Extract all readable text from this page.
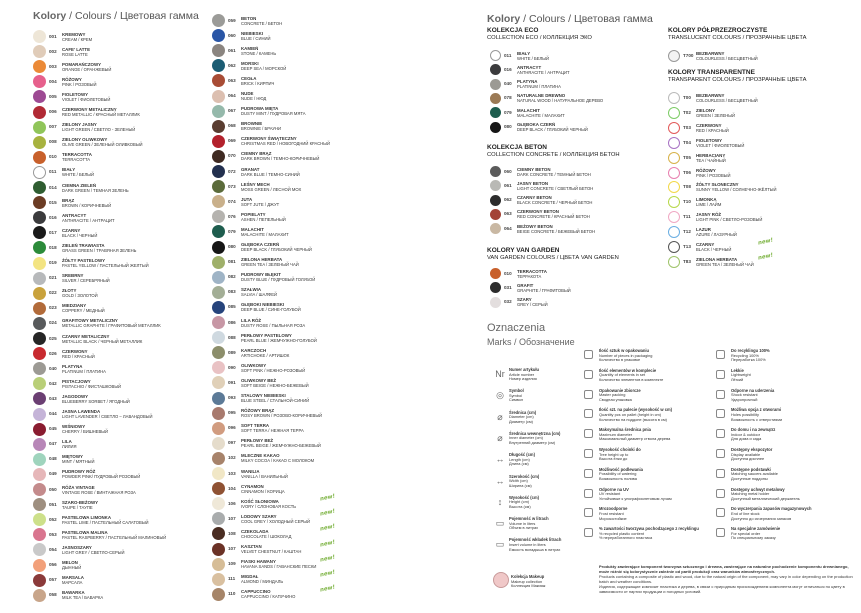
Kolory / Colours / Цветовая гамма	Kolory / Colours / Цветовая гамма
001 KREMOWY
CREAM / КРЕМ
002 CAFE' LATTE
ROSE LATTE
003 POMARAŃCZOWY
ORANGE / ОРАНЖЕВЫЙ
004 RÓŻOWY
PINK / РОЗОВЫЙ
005 FIOLETOWY
VIOLET / ФИОЛЕТОВЫЙ
006 CZERWONY METALICZNY
RED METALLIC / КРАСНЫЙ МЕТАЛЛИК
007 ZIELONY JASNY
LIGHT GREEN / СВЕТЛО - ЗЕЛЕНЫЙ
008 ZIELONY OLIWKOWY
OLIVE GREEN / ЗЕЛЕНЫЙ ОЛИВКОВЫЙ
010 TERRACOTTA
TERRACOTTA
011 BIAŁY
WHITE / БЕЛЫЙ
014 CIEMNA ZIELEŃ
DARK GREEN / ТЕМНАЯ ЗЕЛЕНЬ
015 BRĄZ
BROWN / КОРИЧНЕВЫЙ
016 ANTRACYT
ANTHRACITE / АНТРАЦИТ
017 CZARNY
BLACK / ЧЕРНЫЙ
018 ZIELEŃ TRAWIASTA
GRASS GREEN / ТРАВЯНАЯ ЗЕЛЕНЬ
019 ŻÓŁTY PASTELOWY
PASTEL YELLOW / ПАСТЕЛЬНЫЙ ЖЕЛТЫЙ
021 SREBRNY
SILVER / СЕРЕБРЯНЫЙ
022 ZŁOTY
GOLD / ЗОЛОТОЙ
023 MIEDZIANY
COPPERY / МЕДНЫЙ
024 GRAFITOWY METALICZNY
METALLIC GRAPHITE / ГРАФИТОВЫЙ МЕТАЛЛИК
025 CZARNY METALICZNY
METALLIC BLACK / ЧЕРНЫЙ МЕТАЛЛИК
026 CZERWONY
RED / КРАСНЫЙ
040 PLATYNA
PLATINUM / ПЛАТИНА
042 PISTACJOWY
PISTACHIO / ФИСТАШКОВЫЙ
043 JAGODOWY
BLUEBERRY SORBET / ЯГОДНЫЙ
044 JASNA LAWENDA
LIGHT LAVENDER / СВЕТЛО – ЛАВАНДОВЫЙ
045 WIŚNIOWY
CHERRY / ВИШНЕВЫЙ
047 LILA
ЛИЛИЯ
048 MIĘTOWY
MINT / МЯТНЫЙ
049 PUDROWY RÓŻ
POWDER PINK/ ПУДРОВЫЙ РОЗОВЫЙ
050 RÓŻA VINTAGE
VINTAGE ROSE / ВИНТАЖНАЯ РОЗА
051 SZARO-BEŻOWY
TAUPE / ТАУПЕ
052 PASTELOWA LIMONKA
PASTEL LIME / ПАСТЕЛЬНЫЙ САЛАТОВЫЙ
053 PASTELOWA MALINA
PASTEL RASPBERRY / ПАСТЕЛЬНЫЙ МАЛИНОВЫЙ
054 JASNOSZARY
LIGHT GREY / СВЕТЛО-СЕРЫЙ
056 MELON
ДЫННЫЙ
057 MARSALA
МАРСАЛА
058 BAWARKA
MILK TEA / БАВАРКА
059 BETON
CONCRETE / БЕТОН
060 NIEBIESKI
BLUE / СИНИЙ
061 KAMIEŃ
STONE / КАМЕНЬ
062 MORSKI
DEEP SEA / МОРСКОЙ
063 CEGŁA
BRICK / КИРПИЧ
064 NUDE
NUDE / НЮД
067 PUDROWA MIĘTA
DUSTY MINT / ПУДРОВАЯ МЯТА
068 BROWNIE
BROWNIE / БРАУНИ
069 CZERWONY ŚWIĄTECZNY
CHRISTMAS RED / НОВОГОДНИЙ КРАСНЫЙ
070 CIEMNY BRĄZ
DARK BROWN / ТЕМНО-КОРИЧНЕВЫЙ
072 GRANAT
DARK BLUE / ТЕМНО-СИНИЙ
073 LEŚNY MECH
MOSS GREEN / ЛЕСНОЙ МОХ
074 JUTA
SOFT JUTE / ДЖУТ
076 POPIELATY
ASHEN / ПЕПЕЛЬНЫЙ
079 MALACHIT
MALACHITE / МАЛАХИТ
080 GŁĘBOKA CZERŃ
DEEP BLACK / ГЛУБОКИЙ ЧЕРНЫЙ
081 ZIELONA HERBATA
GREEN TEA / ЗЕЛЕНЫЙ ЧАЙ
082 PUDROWY BŁĘKIT
DUSTY BLUE / ПУДРОВЫЙ ГОЛУБОЙ
083 SZAŁWIA
SALVIA / ШАЛФЕЙ
085 GŁĘBOKI NIEBIESKI
DEEP BLUE / СИНЕ-ГОЛУБОЙ
086 LILA RÓŻ
DUSTY ROSE / ПЫЛЬНАЯ РОЗА
088 PERŁOWY PASTELOWY
PEARL BLUE / ЖЕМЧУЖНО-ГОЛУБОЙ
089 KARCZOCH
ARTICHOKE / АРТИШОК
090 OLIWKOWY
SOFT PINK / НЕЖНО-РОЗОВЫЙ
091 OLIWKOWY BEŻ
SOFT BEIGE / НЕЖНО-БЕЖЕВЫЙ
093 STALOWY NIEBIESKI
BLUE STEEL / СТАЛЬНОЙ-СИНИЙ
095 RÓŻOWY BRĄZ
ROSY BROWN / РОЗОВО-КОРИЧНЕВЫЙ
096 SOFT TERRA
SOFT TERRA / НЕЖНАЯ ТЕРРА
097 PERŁOWY BEŻ
PEARL BEIGE / ЖЕМЧУЖНО-БЕЖЕВЫЙ
102 MLECZNE KAKAO
MILKY COCOA / КАКАО С МОЛОКОМ
103 WANILIA
VANILLA / ВАНИЛЬНЫЙ
104 CYNAMON
CINNAMON / КОРИЦА
106 KOŚĆ SŁONIOWA
IVORY / СЛОНОВАЯ КОСТЬ
new!
107 LODOWY SZARY
COOL GREY / ХОЛОДНЫЙ СЕРЫЙ
new!
108 CZEKOLADA
CHOCOLATE / ШОКОЛАД
new!
107 KASZTAN
VELVET CHESTNUT / КАШТАН
new!
109 FIASKI HAWANY
HAVANA SANDS / ГАВАНСКИЕ ПЕСКИ
new!
111 MIGDAŁ
ALMOND / МИНДАЛЬ
new!
110 CAPPUCCINO
CAPPUCCINO / КАПУЧИНО
new!
KOLEKCJA ECO
COLLECTION ECO / КОЛЛЕКЦИЯ ЭКО
011 BIAŁY
WHITE / БЕЛЫЙ
016 ANTRACYT
ANTHRACITE / АНТРАЦИТ
040 PLATYNA
PLATINUM / ПЛАТИНА
078 NATURALNE DREWNO
NATURAL WOOD / НАТУРАЛЬНОЕ ДЕРЕВО
079 MALACHIT
MALACHITE / МАЛАХИТ
080 GŁĘBOKA CZERŃ
DEEP BLACK / ГЛУБОКИЙ ЧЕРНЫЙ
KOLEKCJA BETON
COLLECTION CONCRETE / КОЛЛЕКЦИЯ БЕТОН
060 CIEMNY BETON
DARK CONCRETE / ТЕМНЫЙ БЕТОН
061 JASNY BETON
LIGHT CONCRETE / СВЕТЛЫЙ БЕТОН
062 CZARNY BETON
BLACK CONCRETE / ЧЕРНЫЙ БЕТОН
063 CZERWONY BETON
RED CONCRETE / КРАСНЫЙ БЕТОН
064 BEŻOWY BETON
BEIGE CONCRETE / БЕЖЕВЫЙ БЕТОН
KOLORY VAN GARDEN
VAN GARDEN COLOURS / ЦВЕТА VAN GARDEN
010 TERRACOTTA
ТЕРРАКОТА
031 GRAFIT
GRAPHITE / ГРАФИТОВЫЙ
032 SZARY
GREY / СЕРЫЙ
KOLORY PÓŁPRZEZROCZYSTE
TRANSLUCENT COLOURS / ПРОЗРАЧНЫЕ ЦВЕТА
T700 BEZBARWNY
COLOURLESS / БЕСЦВЕТНЫЙ
KOLORY TRANSPARENTNE
TRANSPARENT COLOURS / ПРОЗРАЧНЫЕ ЦВЕТА
T00 BEZBARWNY
COLOURLESS / БЕСЦВЕТНЫЙ
T02 ZIELONY
GREEN / ЗЕЛЕНЫЙ
T03 CZERWONY
RED / КРАСНЫЙ
T04 FIOLETOWY
VIOLET / ФИОЛЕТОВЫЙ
T05 HERBACIANY
TEA / ЧАЙНЫЙ
T06 RÓŻOWY
PINK / РОЗОВЫЙ
T08 ŻÓŁTY SŁONECZNY
SUNNY YELLOW / СОЛНЕЧНО-ЖЁЛТЫЙ
T10 LIMONKA
LIME / ЛАЙМ
T11 JASNY RÓŻ
LIGHT PINK / СВЕТЛО-РОЗОВЫЙ
T12 LAZUR
AZURE / ЛАЗУРНЫЙ
T13 CZARNY
BLACK / ЧЕРНЫЙ
new!
T83 ZIELONA HERBATA
GREEN TEA / ЗЕЛЕНЫЙ ЧАЙ
new!
Oznaczenia
Marks / Обозначение
Nr	Numer artykułu
Article number
Номер изделия
◎	Symbol
Symbol
Символ
⌀	Średnica (cm)
Diameter (cm)
Диаметр (см)
⌀	Średnica wewnętrzna (cm)
Inner diameter (cm)
Внутренний диаметр (см)
↔	Długość (cm)
Length (cm)
Длина (см)
↔	Szerokość (cm)
Width (cm)
Ширина (см)
↕	Wysokość (cm)
Height (cm)
Высота (см)
▭	Pojemność w litrach
Volume in liters
Объем в литрах
▭	Pojemność wkładek litrach
Insert volume in liters
Емкость вкладыша в литрах
Ilość sztuk w opakowaniu
Number of pieces in packaging
Количество в упаковке
Ilość elementów w komplecie
Quantity of elements in set
Количество элементов в комплекте
Opakowanie zbiorcze
Master packing
Сводная упаковка
Ilość szt. na palecie (wysokość w cm)
Quantity pcs on pallet (height in cm)
Количество на поддоне (высота в см)
Maksymalna średnica pnia
Maximum diameter
Максимальный диаметр ствола дерева
Wysokość choinki do
Tree height up to
Высота ёлки до
Możliwość podlewania
Possibility of watering
Возможность полива
Odporne na UV
UV resistant
Устойчивые к ультрафиолетовым лучам
Mrozoodporne
Frost resistant
Морозостойкие
% zawartości tworzywa pochodzącego z recyklingu
% recycled plastic content
% переработанного пластика
Do recyklingu 100%
Recycling 100%
Переработка 100%
Lekkie
Lightweight
Лёгкий
Odporne na uderzenia
Shock resistant
Ударопрочный
Możliwa opcja z otworami
Holes possibility
Возможность с отверстиями
Do domu i na zewnątrz
Indoor & outdoor
Для дома и сада
Dostępny ekspozytor
Display available
Доступна дисплее
Dostępne podstawki
Matching saucers available
Доступные поддоны
Dostępny uchwyt metalowy
Matching metal holder
Доступный металлический держатель
Do wyczerpania zapasów magazynowych
End of line stock
Доступно до исчерпания запасов
Na specjalne zamówienie
For special order
По специальному заказу
Kolekcja Makeup
Makeup collection
Коллекция Макияж
Produkty zawierające komponent tworzywa sztucznego i drewna, zawierające na naturalne pochodzenie komponentu drewnianego, może różnić się kolorystycznie zależnie od partii produkcji oraz warunków atmosferycznych.
Products containing a composite of plastic and wood, due to the natural origin of the component, may vary in color depending on the production batch and weather conditions.
Изделия, содержащие композит пластика и дерева, в связи с природным происхождением компонента могут отличаться по цвету в зависимости от партии продукции и погодных условий.
